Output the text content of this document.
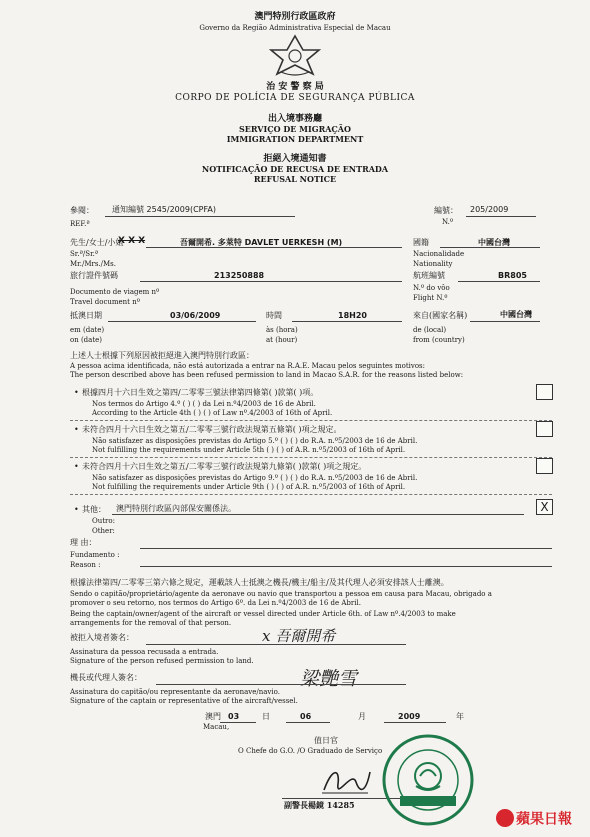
澳門特別行政區政府
Governo da Região Administrativa Especial de Macau
治 安 警 察 局
CORPO DE POLÍCIA DE SEGURANÇA PÚBLICA
出入境事務廳
SERVIÇO DE MIGRAÇÃO
IMMIGRATION DEPARTMENT
拒絕入境通知書
NOTIFICAÇÃO DE RECUSA DE ENTRADA
REFUSAL NOTICE
參閱： 通知編號 2545/2009(CPFA)
REF.ª
編號： 205/2009
N.º
先生/女士/小姐
X X X	吾爾開希. 多萊特 DAVLET UERKESH (M)
Sr.ª/Sr.ª
Mr./Mrs./Ms.
國籍	中國台灣
Nacionalidade
Nationality
旅行證件號碼	213250888
Documento de viagem nº
Travel document nº
航班編號	BR805
N.º do vôo
Flight N.º
抵澳日期	03/06/2009
em (date)
on (date)
時間	18H20
às (hora)
at (hour)
來自(國家名稱)	中國台灣
de (local)
from (country)
上述人士根據下列原因被拒絕進入澳門特別行政區：
A pessoa acima identificada, não está autorizada a entrar na R.A.E. Macau pelos seguintes motivos:
The person described above has been refused permission to land in Macao S.A.R. for the reasons listed below:
• 根據四月十六日生效之第四/二零零三號法律第四條第( )款第( )項。
Nos termos do Artigo 4.º ( ) ( ) da Lei n.º4/2003 de 16 de Abril.
According to the Article 4th ( ) ( ) of Law nº.4/2003 of 16th of April.
• 未符合四月十六日生效之第五/二零零三號行政法規第五條第( )項之規定。
Não satisfazer as disposições previstas do Artigo 5.º ( ) ( ) do R.A. n.º5/2003 de 16 de Abril.
Not fulfilling the requirements under Article 5th ( ) ( ) of A.R. n.º5/2003 of 16th of April.
• 未符合四月十六日生效之第五/二零零三號行政法規第九條第( )款第( )項之規定。
Não satisfazer as disposições previstas do Artigo 9.º ( ) ( ) do R.A. n.º5/2003 de 16 de Abril.
Not fulfilling the requirements under Article 9th ( ) ( ) of A.R. n.º5/2003 of 16th of April.
• 其他： 澳門特別行政區內部保安關係法。
Outro:
Other:
X
理 由：
Fundamento :
Reason :
根據法律第四/二零零三第六條之規定，運載該人士抵澳之機長/機主/船主/及其代理人必須安排該人士離澳。
Sendo o capitão/proprietário/agente da aeronave ou navio que transportou a pessoa em causa para Macau, obrigado a
promover o seu retorno, nos termos do Artigo 6º. da Lei n.º4/2003 de 16 de Abril.
Being the captain/owner/agent of the aircraft or vessel directed under Article 6th. of Law nº.4/2003 to make
arrangements for the removal of that person.
被拒入境者簽名：	x 吾爾開希
Assinatura da pessoa recusada a entrada.
Signature of the person refused permission to land.
機長或代理人簽名：	梁艷雪
Assinatura do capitão/ou representante da aeronave/navio.
Signature of the captain or representative of the aircraft/vessel.
澳門
Macau,
03	日	06	月	2009	年
值日官
O Chefe do G.O. /O Graduado de Serviço
副警長楊鏡 14285
蘋果日報
